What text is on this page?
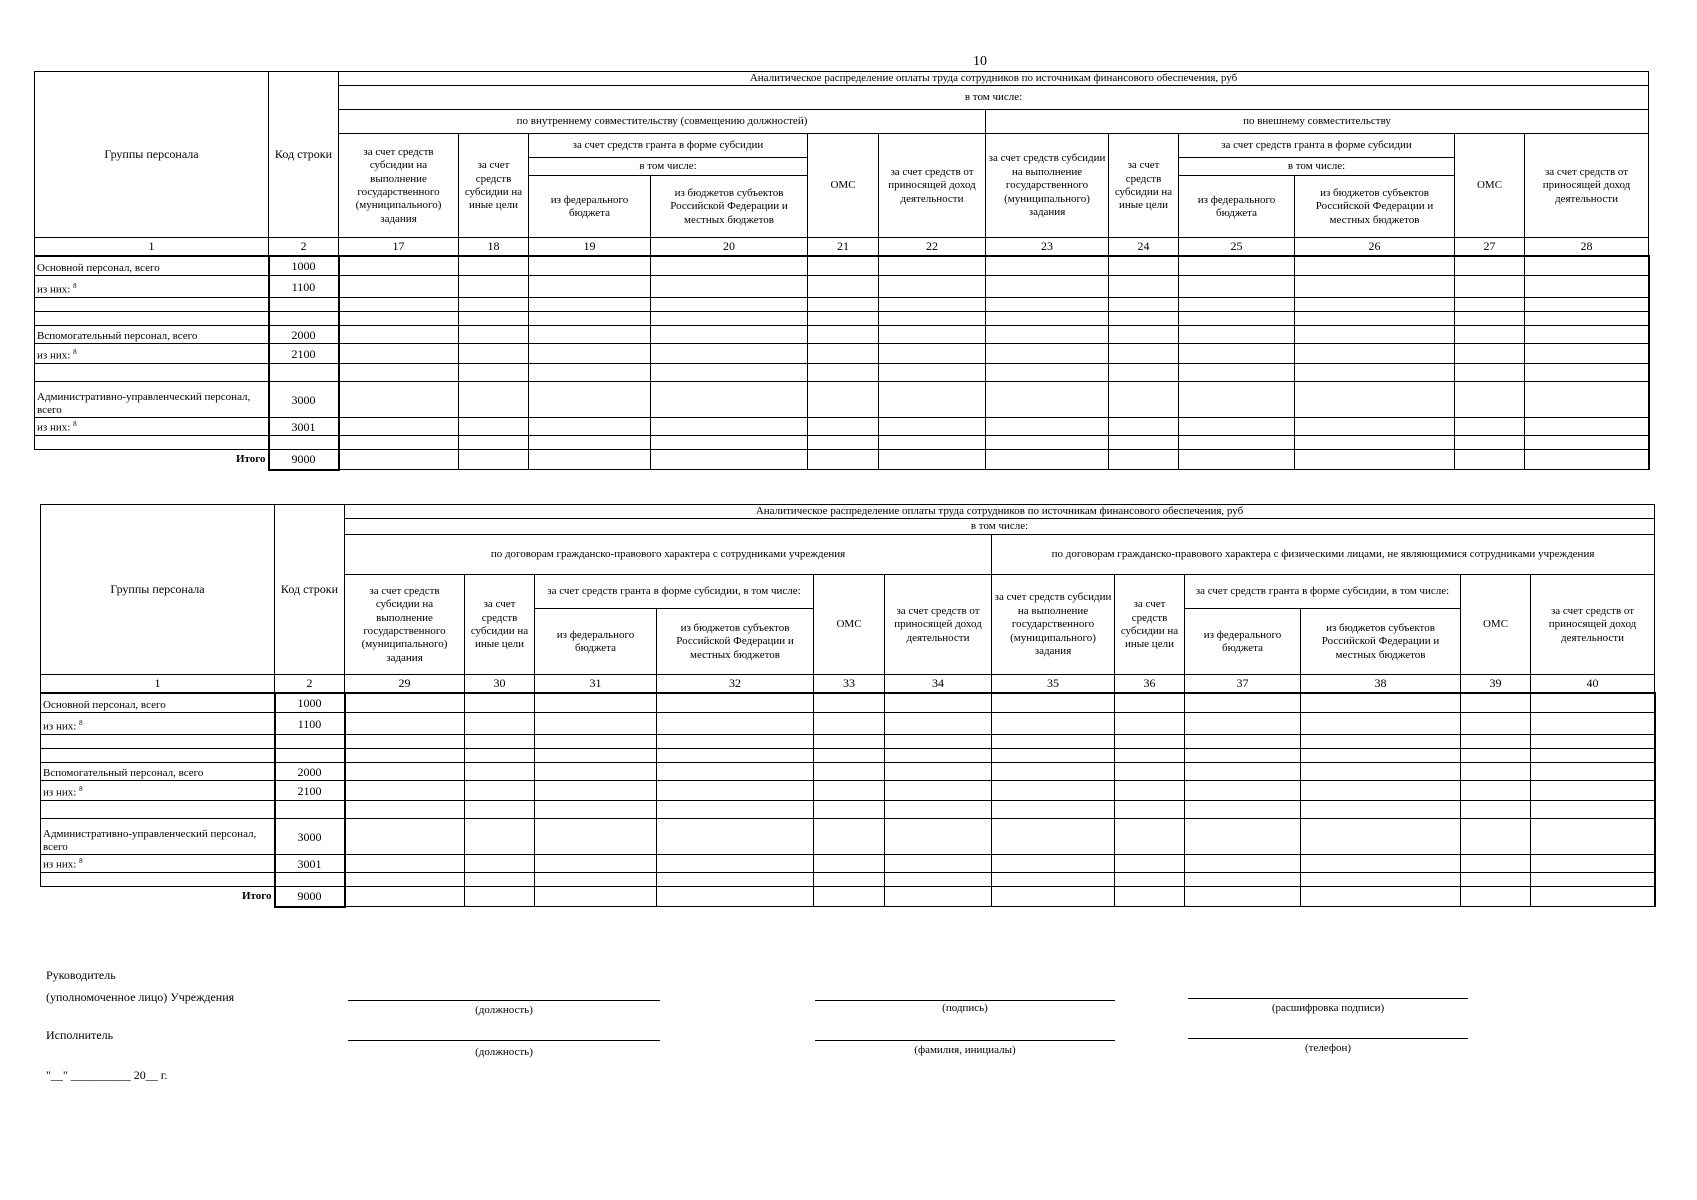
10
Группы персонала	Код строки	Аналитическое распределение оплаты труда сотрудников по источникам финансового обеспечения, руб											
		в том числе:											
		по внутреннему совместительству (совмещению должностей)						по внешнему совместительству					
		за счет средств субсидии на выполнение государственного (муниципального) задания	за счет средств субсидии на иные цели	за счет средств гранта в форме субсидии		ОМС	за счет средств от приносящей доход деятельности	за счет средств субсидии на выполнение государственного (муниципального) задания	за счет средств субсидии на иные цели	за счет средств гранта в форме субсидии		ОМС	за счет средств от приносящей доход деятельности
				в том числе:						в том числе:			
				из федерального бюджета	из бюджетов субъектов Российской Федерации и местных бюджетов					из федерального бюджета	из бюджетов субъектов Российской Федерации и местных бюджетов		
1	2	17	18	19	20	21	22	23	24	25	26	27	28
Основной персонал, всего	1000												
из них: $^8$	1100												

Вспомогательный персонал, всего	2000												
из них: $^8$	2100												

Административно-управленческий персонал, всего	3000												
из них: $^8$	3001												

Итого	9000												
Группы персонала	Код строки	Аналитическое распределение оплаты труда сотрудников по источникам финансового обеспечения, руб											
		в том числе:											
		по договорам гражданско-правового характера с сотрудниками учреждения						по договорам гражданско-правового характера с физическими лицами, не являющимися сотрудниками учреждения					
		за счет средств субсидии на выполнение государственного (муниципального) задания	за счет средств субсидии на иные цели	за счет средств гранта в форме субсидии, в том числе:		ОМС	за счет средств от приносящей доход деятельности	за счет средств субсидии на выполнение государственного (муниципального) задания	за счет средств субсидии на иные цели	за счет средств гранта в форме субсидии, в том числе:		ОМС	за счет средств от приносящей доход деятельности
				из федерального бюджета	из бюджетов субъектов Российской Федерации и местных бюджетов					из федерального бюджета	из бюджетов субъектов Российской Федерации и местных бюджетов		
1	2	29	30	31	32	33	34	35	36	37	38	39	40
Основной персонал, всего	1000												
из них: $^8$	1100												

Вспомогательный персонал, всего	2000												
из них: $^8$	2100												

Административно-управленческий персонал, всего	3000												
из них: $^8$	3001												

Итого	9000												
Руководитель
(уполномоченное лицо) Учреждения
(должность)	(подпись)	(расшифровка подписи)
Исполнитель
(должность)	(фамилия, инициалы)	(телефон)
"__" __________ 20__ г.
